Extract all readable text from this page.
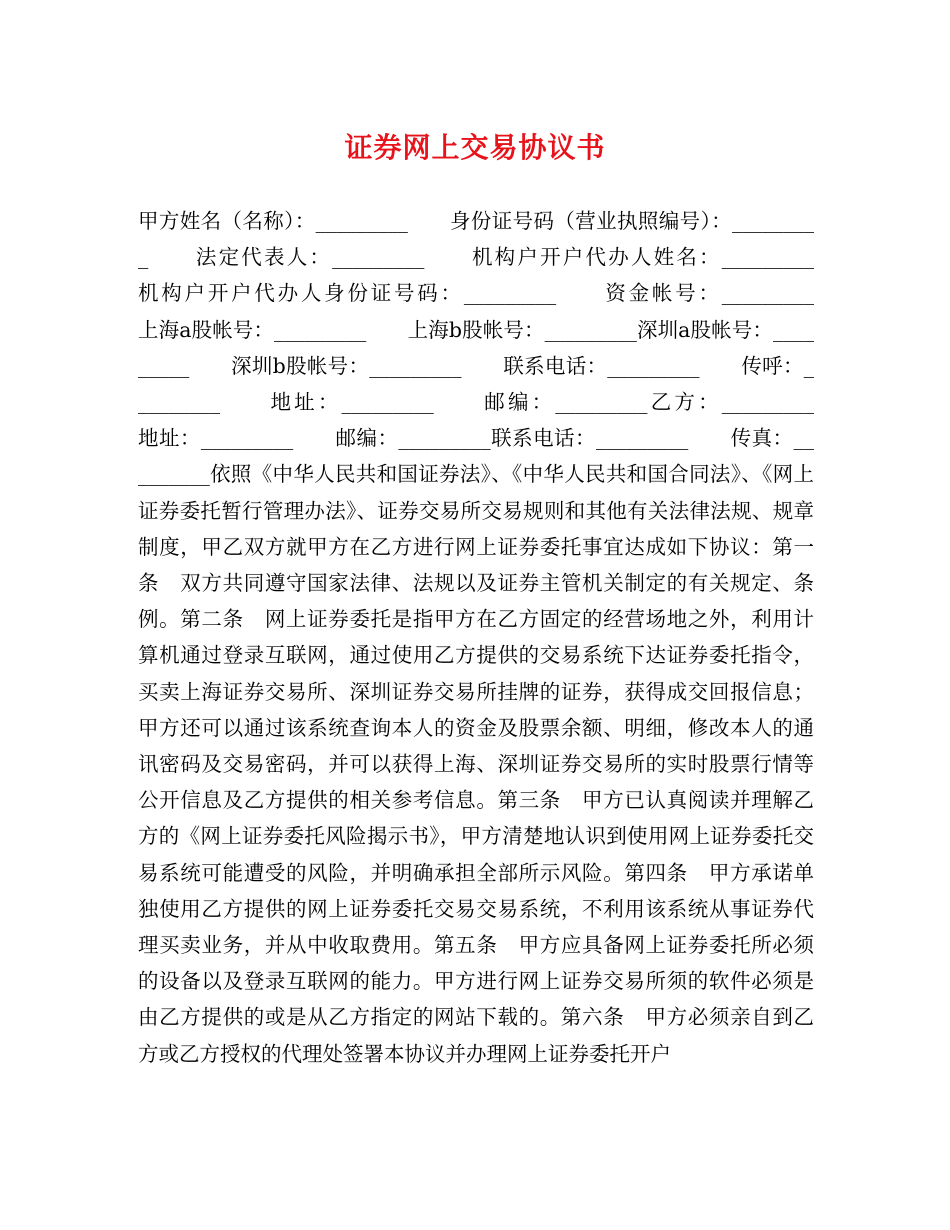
证券网上交易协议书
甲方姓名（名称）：_________　　身份证号码（营业执照编号）：_________　　法定代表人：_________　　机构户开户代办人姓名：_________　　机构户开户代办人身份证号码：_________　　资金帐号：_________　　上海a股帐号：_________　　上海b股帐号：_________深圳a股帐号：_________　　深圳b股帐号：_________　　联系电话：_________　　传呼：_________　　地址：_________　　邮编：_________乙方：_________　　地址：_________　　邮编：_________联系电话：_________　　传真：_________依照《中华人民共和国证券法》、《中华人民共和国合同法》、《网上证券委托暂行管理办法》、证券交易所交易规则和其他有关法律法规、规章制度，甲乙双方就甲方在乙方进行网上证券委托事宜达成如下协议：第一条　双方共同遵守国家法律、法规以及证券主管机关制定的有关规定、条例。第二条　网上证券委托是指甲方在乙方固定的经营场地之外，利用计算机通过登录互联网，通过使用乙方提供的交易系统下达证券委托指令，买卖上海证券交易所、深圳证券交易所挂牌的证券，获得成交回报信息；甲方还可以通过该系统查询本人的资金及股票余额、明细，修改本人的通讯密码及交易密码，并可以获得上海、深圳证券交易所的实时股票行情等公开信息及乙方提供的相关参考信息。第三条　甲方已认真阅读并理解乙方的《网上证券委托风险揭示书》，甲方清楚地认识到使用网上证券委托交易系统可能遭受的风险，并明确承担全部所示风险。第四条　甲方承诺单独使用乙方提供的网上证券委托交易交易系统，不利用该系统从事证券代理买卖业务，并从中收取费用。第五条　甲方应具备网上证券委托所必须的设备以及登录互联网的能力。甲方进行网上证券交易所须的软件必须是由乙方提供的或是从乙方指定的网站下载的。第六条　甲方必须亲自到乙方或乙方授权的代理处签署本协议并办理网上证券委托开户
